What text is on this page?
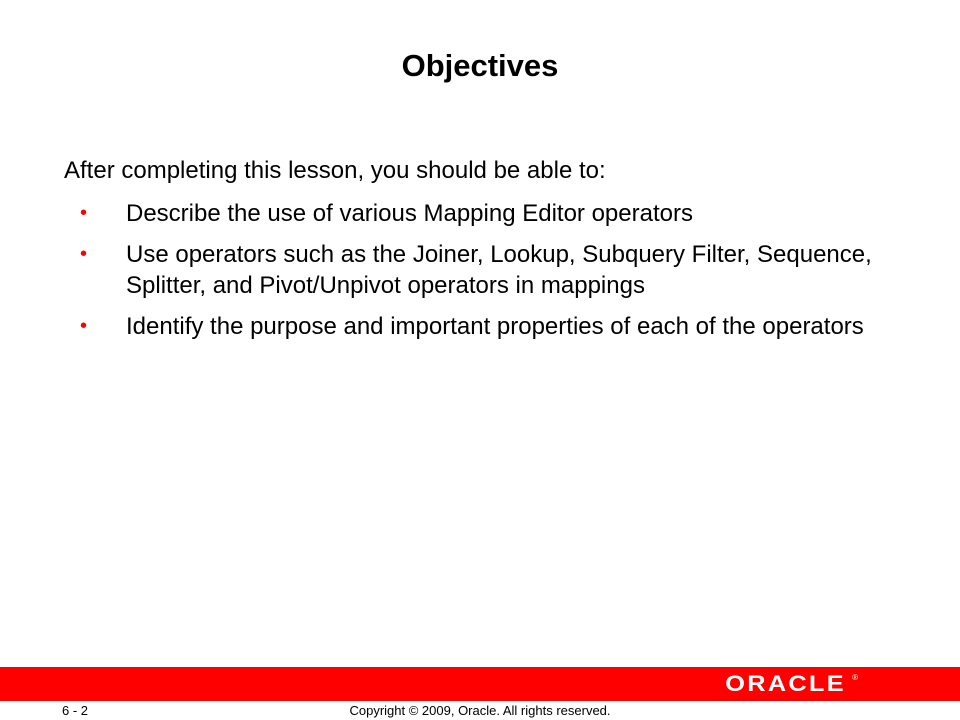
Objectives
After completing this lesson, you should be able to:
• Describe the use of various Mapping Editor operators
• Use operators such as the Joiner, Lookup, Subquery Filter, Sequence, Splitter, and Pivot/Unpivot operators in mappings
• Identify the purpose and important properties of each of the operators
ORACLE ®
6 - 2	Copyright © 2009, Oracle. All rights reserved.
